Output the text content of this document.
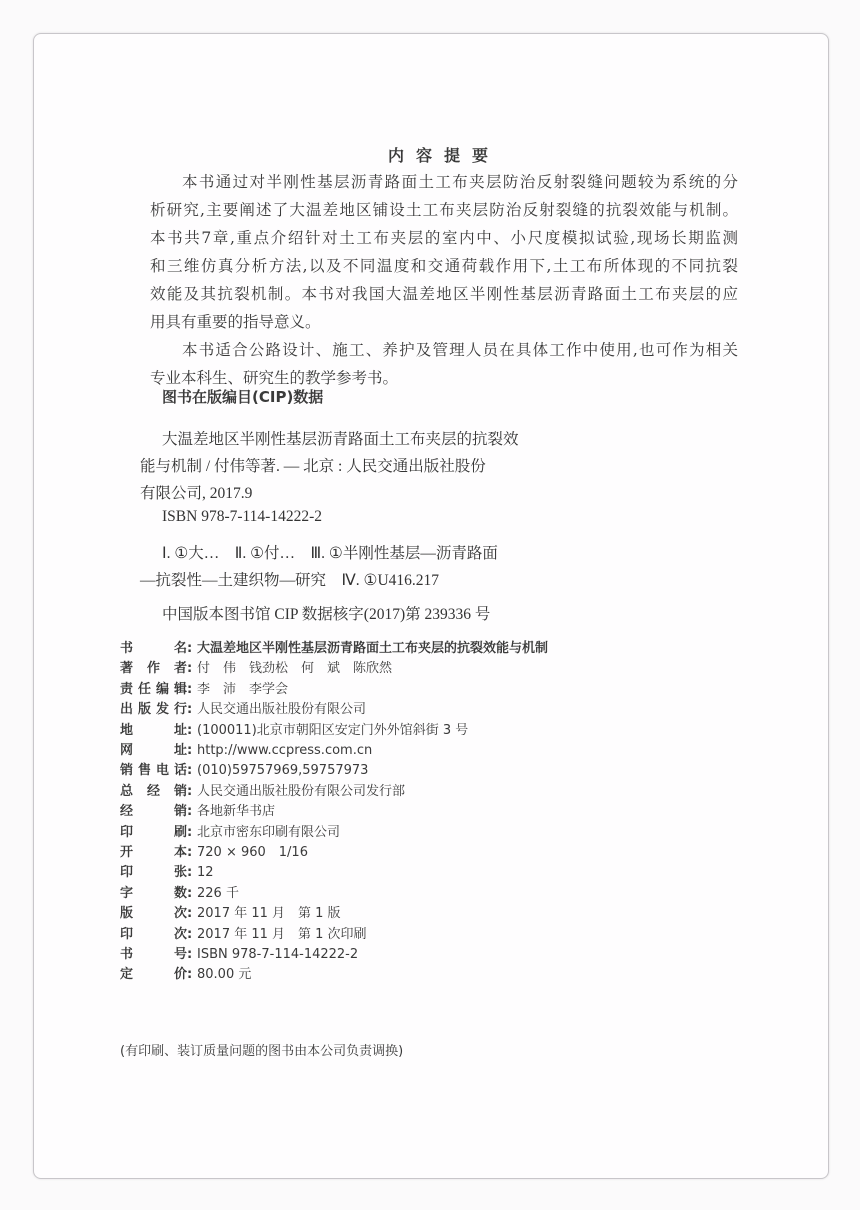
内容提要
本书通过对半刚性基层沥青路面土工布夹层防治反射裂缝问题较为系统的分
析研究,主要阐述了大温差地区铺设土工布夹层防治反射裂缝的抗裂效能与机制。
本书共7章,重点介绍针对土工布夹层的室内中、小尺度模拟试验,现场长期监测
和三维仿真分析方法,以及不同温度和交通荷载作用下,土工布所体现的不同抗裂
效能及其抗裂机制。本书对我国大温差地区半刚性基层沥青路面土工布夹层的应
用具有重要的指导意义。
本书适合公路设计、施工、养护及管理人员在具体工作中使用,也可作为相关
专业本科生、研究生的教学参考书。
图书在版编目(CIP)数据
大温差地区半刚性基层沥青路面土工布夹层的抗裂效
能与机制 / 付伟等著. — 北京 : 人民交通出版社股份
有限公司, 2017.9
ISBN 978-7-114-14222-2
Ⅰ. ①大…　Ⅱ. ①付…　Ⅲ. ①半刚性基层—沥青路面
—抗裂性—土建织物—研究　Ⅳ. ①U416.217
中国版本图书馆 CIP 数据核字(2017)第 239336 号
书名 : 大温差地区半刚性基层沥青路面土工布夹层的抗裂效能与机制
著作者 : 付　伟　钱劲松　何　斌　陈欣然
责任编辑 : 李　沛　李学会
出版发行 : 人民交通出版社股份有限公司
地址 : (100011)北京市朝阳区安定门外外馆斜街 3 号
网址 : http://www.ccpress.com.cn
销售电话 : (010)59757969,59757973
总经销 : 人民交通出版社股份有限公司发行部
经销 : 各地新华书店
印刷 : 北京市密东印刷有限公司
开本 : 720 × 960　1/16
印张 : 12
字数 : 226 千
版次 : 2017 年 11 月　第 1 版
印次 : 2017 年 11 月　第 1 次印刷
书号 : ISBN 978-7-114-14222-2
定价 : 80.00 元
(有印刷、装订质量问题的图书由本公司负责调换)
